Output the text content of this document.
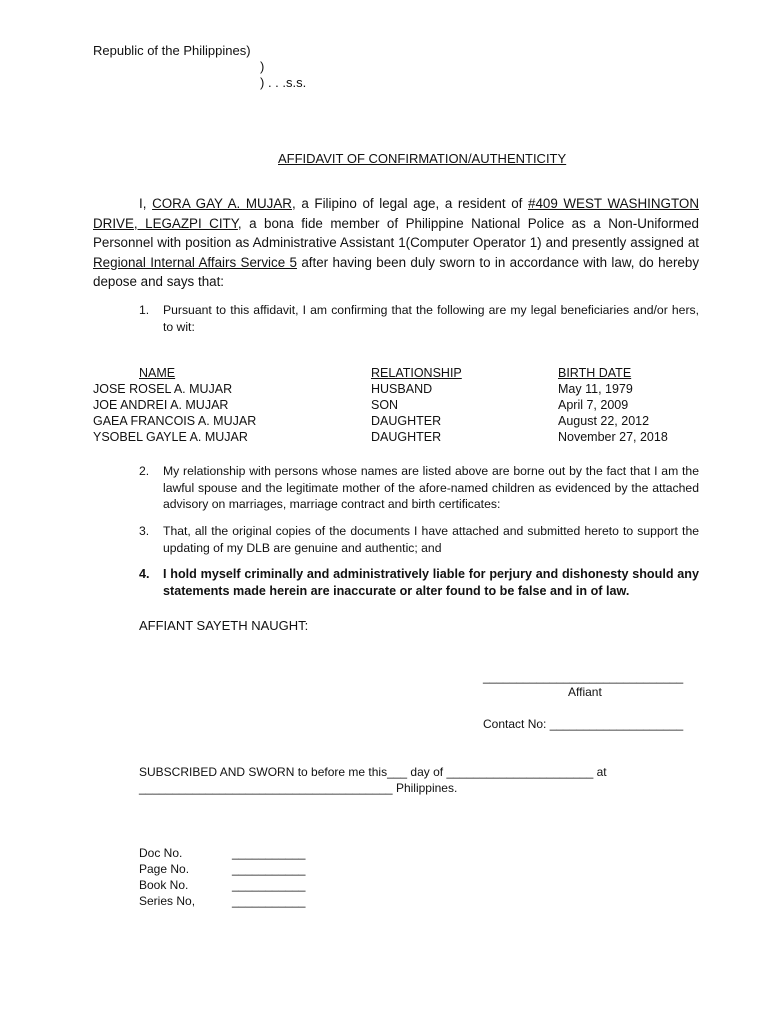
Republic of the Philippines)
)
) . . .s.s.
AFFIDAVIT OF CONFIRMATION/AUTHENTICITY
I, CORA GAY A. MUJAR, a Filipino of legal age, a resident of #409 WEST WASHINGTON DRIVE, LEGAZPI CITY, a bona fide member of Philippine National Police as a Non-Uniformed Personnel with position as Administrative Assistant 1(Computer Operator 1) and presently assigned at Regional Internal Affairs Service 5 after having been duly sworn to in accordance with law, do hereby depose and says that:
1. Pursuant to this affidavit, I am confirming that the following are my legal beneficiaries and/or hers, to wit:
NAME	RELATIONSHIP	BIRTH DATE
JOSE ROSEL A. MUJAR	HUSBAND	May 11, 1979
JOE ANDREI A. MUJAR	SON	April 7, 2009
GAEA FRANCOIS A. MUJAR	DAUGHTER	August 22, 2012
YSOBEL GAYLE A. MUJAR	DAUGHTER	November 27, 2018
2. My relationship with persons whose names are listed above are borne out by the fact that I am the lawful spouse and the legitimate mother of the afore-named children as evidenced by the attached advisory on marriages, marriage contract and birth certificates:
3. That, all the original copies of the documents I have attached and submitted hereto to support the updating of my DLB are genuine and authentic; and
4. I hold myself criminally and administratively liable for perjury and dishonesty should any statements made herein are inaccurate or alter found to be false and in of law.
AFFIANT SAYETH NAUGHT:
______________________________
Affiant
Contact No: ____________________
SUBSCRIBED AND SWORN to before me this___ day of ______________________ at
______________________________________ Philippines.
Doc No.	___________
Page No.	___________
Book No.	___________
Series No,	___________
